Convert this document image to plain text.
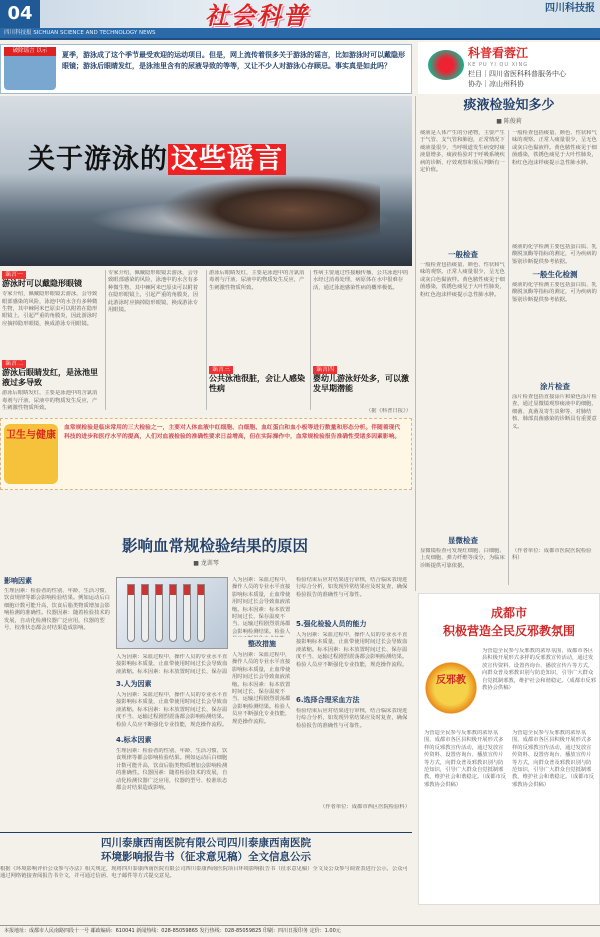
04
四川科技报 SICHUAN SCIENCE AND TECHNOLOGY NEWS
社会科普	四川科技报
破除谣言 以示	夏季，游泳成了这个季节最受欢迎的运动项目。但是，网上流传着很多关于游泳的谣言，比如游泳时可以戴隐形眼镜；游泳后眼睛发红，是泳池里含有的尿液导致的等等，又让不少人对游泳心存顾忌。事实真是如此吗？
科普看蓉江
KE PU YI QU XING
栏目｜四川省医科科普服务中心
协办｜凉山州科协
关于游泳的 这些谣言
谣言一
游泳时可以戴隐形眼镜
专家介绍，佩戴隐形眼镜去游泳，会导致眼部感染的风险，泳池中的水含有多种微生物，其中棘阿米巴原虫可以附着在隐形眼镜上，引起严重的角膜炎，因此游泳时应摘掉隐形眼镜，换成游泳专用眼镜。
谣言二
游泳后眼睛发红，是泳池里液过多导致
游泳后眼睛发红，主要是泳池中的含氯消毒剂与汗液、尿液中的物质发生反应，产生刺激性物质所致。
专家介绍，佩戴隐形眼镜去游泳，会导致眼部感染的风险，泳池中的水含有多种微生物，其中棘阿米巴原虫可以附着在隐形眼镜上，引起严重的角膜炎，因此游泳时应摘掉隐形眼镜，换成游泳专用眼镜。
游泳后眼睛发红，主要是泳池中的含氯消毒剂与汗液、尿液中的物质发生反应，产生刺激性物质所致。
谣言三
公共泳池很脏，会让人感染性病
性病主要通过性接触传播，公共泳池中的水经过消毒处理，病原体在水中很难存活，通过泳池感染性病的概率极低。
谣言四
婴幼儿游泳好处多，可以激发早期潜能
（据《科普日报》）
痰液检验知多少
■ 陈俊莉
痰液是人体产生的分泌物，主要产生于气管、支气管和肺泡，正常情况下痰液量很少，当呼吸道发生病变时痰液量增多，痰液检验对于呼吸系统疾病的诊断、疗效观察和预后判断有一定价值。
一般检查包括痰量、颜色、性状和气味的观察。正常人痰量很少，呈无色或灰白色黏液样。黄色脓性痰见于细菌感染，铁锈色痰见于大叶性肺炎，粉红色泡沫样痰提示急性肺水肿。
一般检查
一般检查包括痰量、颜色、性状和气味的观察。正常人痰量很少，呈无色或灰白色黏液样。黄色脓性痰见于细菌感染，铁锈色痰见于大叶性肺炎，粉红色泡沫样痰提示急性肺水肿。
痰液的化学检测主要包括蛋白质、乳酸脱氢酶等指标的测定，可为疾病的鉴别诊断提供参考依据。
一般生化检测
痰液的化学检测主要包括蛋白质、乳酸脱氢酶等指标的测定，可为疾病的鉴别诊断提供参考依据。
涂片检查
涂片检查包括直接涂片和染色涂片检查，通过显微镜观察痰液中的细胞、细菌、真菌及寄生虫卵等，对肺结核、肺部真菌感染的诊断具有重要意义。
显微检查
显微镜检查可发现红细胞、白细胞、上皮细胞、弹力纤维等成分，为临床诊断提供可靠依据。
（作者单位：成都市医院医院检验科）
卫生与健康
血常规检验是临床常用的三大检验之一，主要对人体血液中红细胞、白细胞、血红蛋白和血小板等进行数量和形态分析。伴随着现代科技的进步和医疗水平的提高，人们对血液检验的准确性要求日益增高，但在实际操作中，血常规检验报告准确性受诸多因素影响。
影响血常规检验结果的原因
■ 龙训琴
影响因素
生理因素：检验者的性别、年龄、生活习惯、饮食规律等都会影响检验结果。例如运动后白细胞计数可能升高，饮食后脂类物质增加会影响检测的准确性。仪器因素：随着检验技术的发展，自动化检测仪器广泛应用，仪器的型号、校准状态都会对结果造成影响。
人为因素：采血过程中，操作人员的专业水平直接影响标本质量，止血带使用时间过长会导致血液浓缩。标本因素：标本放置时间过长、保存温
3.人为因素
人为因素：采血过程中，操作人员的专业水平直接影响标本质量，止血带使用时间过长会导致血液浓缩。标本因素：标本放置时间过长、保存温度不当、运输过程剧烈震荡都会影响检测结果。检验人员应不断强化专业技能，规范操作流程。
4.标本因素
生理因素：检验者的性别、年龄、生活习惯、饮食规律等都会影响检验结果。例如运动后白细胞计数可能升高，饮食后脂类物质增加会影响检测的准确性。仪器因素：随着检验技术的发展，自动化检测仪器广泛应用，仪器的型号、校准状态都会对结果造成影响。
人为因素：采血过程中，操作人员的专业水平直接影响标本质量，止血带使用时间过长会导致血液浓缩。标本因素：标本放置时间过长、保存温度不当、运输过程剧烈震荡都会影响检测结果。检验人
整改措施
人为因素：采血过程中，操作人员的专业水平直接影响标本质量，止血带使用时间过长会导致血液浓缩。标本因素：标本放置时间过长、保存温度不当、运输过程剧烈震荡都会影响检测结果。检验人员应不断强化专业技能，规范操作流程。
检验结束后应对结果进行审核，结合临床表现进行综合分析，如发现异常结果应及时复查，确保检验报告的准确性与可靠性。
5.强化检验人员的能力
人为因素：采血过程中，操作人员的专业水平直接影响标本质量，止血带使用时间过长会导致血液浓缩。标本因素：标本放置时间过长、保存温度不当、运输过程剧烈震荡都会影响检测结果。检验人员应不断强化专业技能，规范操作流程。
6.选择合理采血方法
检验结束后应对结果进行审核，结合临床表现进行综合分析，如发现异常结果应及时复查，确保检验报告的准确性与可靠性。
（作者单位：成都市西区医院检验科）
四川泰康西南医院有限公司四川泰康西南医院
环境影响报告书（征求意见稿）全文信息公示
根据《环境影响评价公众参与办法》相关规定，现将四川泰康西南医院有限公司四川泰康西南医院项目环境影响报告书（征求意见稿）全文及公众参与调查表进行公示，公众可通过网络链接查阅报告书全文，并可通过信函、电子邮件等方式提交意见。
成都市
积极营造全民反邪教氛围
反邪教
为营造全民参与反邪教的浓厚氛围，成都市各区县积极开展形式多样的反邪教宣传活动，通过发放宣传资料、设置咨询台、播放宣传片等方式，向群众普及邪教识别与防范知识，引导广大群众自觉抵制邪教，维护社会和谐稳定。（成都市反邪教协会供稿）
为营造全民参与反邪教的浓厚氛围，成都市各区县积极开展形式多样的反邪教宣传活动，通过发放宣传资料、设置咨询台、播放宣传片等方式，向群众普及邪教识别与防范知识，引导广大群众自觉抵制邪教，维护社会和谐稳定。（成都市反邪教协会供稿）
为营造全民参与反邪教的浓厚氛围，成都市各区县积极开展形式多样的反邪教宣传活动，通过发放宣传资料、设置咨询台、播放宣传片等方式，向群众普及邪教识别与防范知识，引导广大群众自觉抵制邪教，维护社会和谐稳定。（成都市反邪教协会供稿）
本报地址：成都市人民南路四段十一号 邮政编码：610041 新闻热线：028-85059865 发行热线：028-85059825 印刷：四川日报印务 定价：1.00元
